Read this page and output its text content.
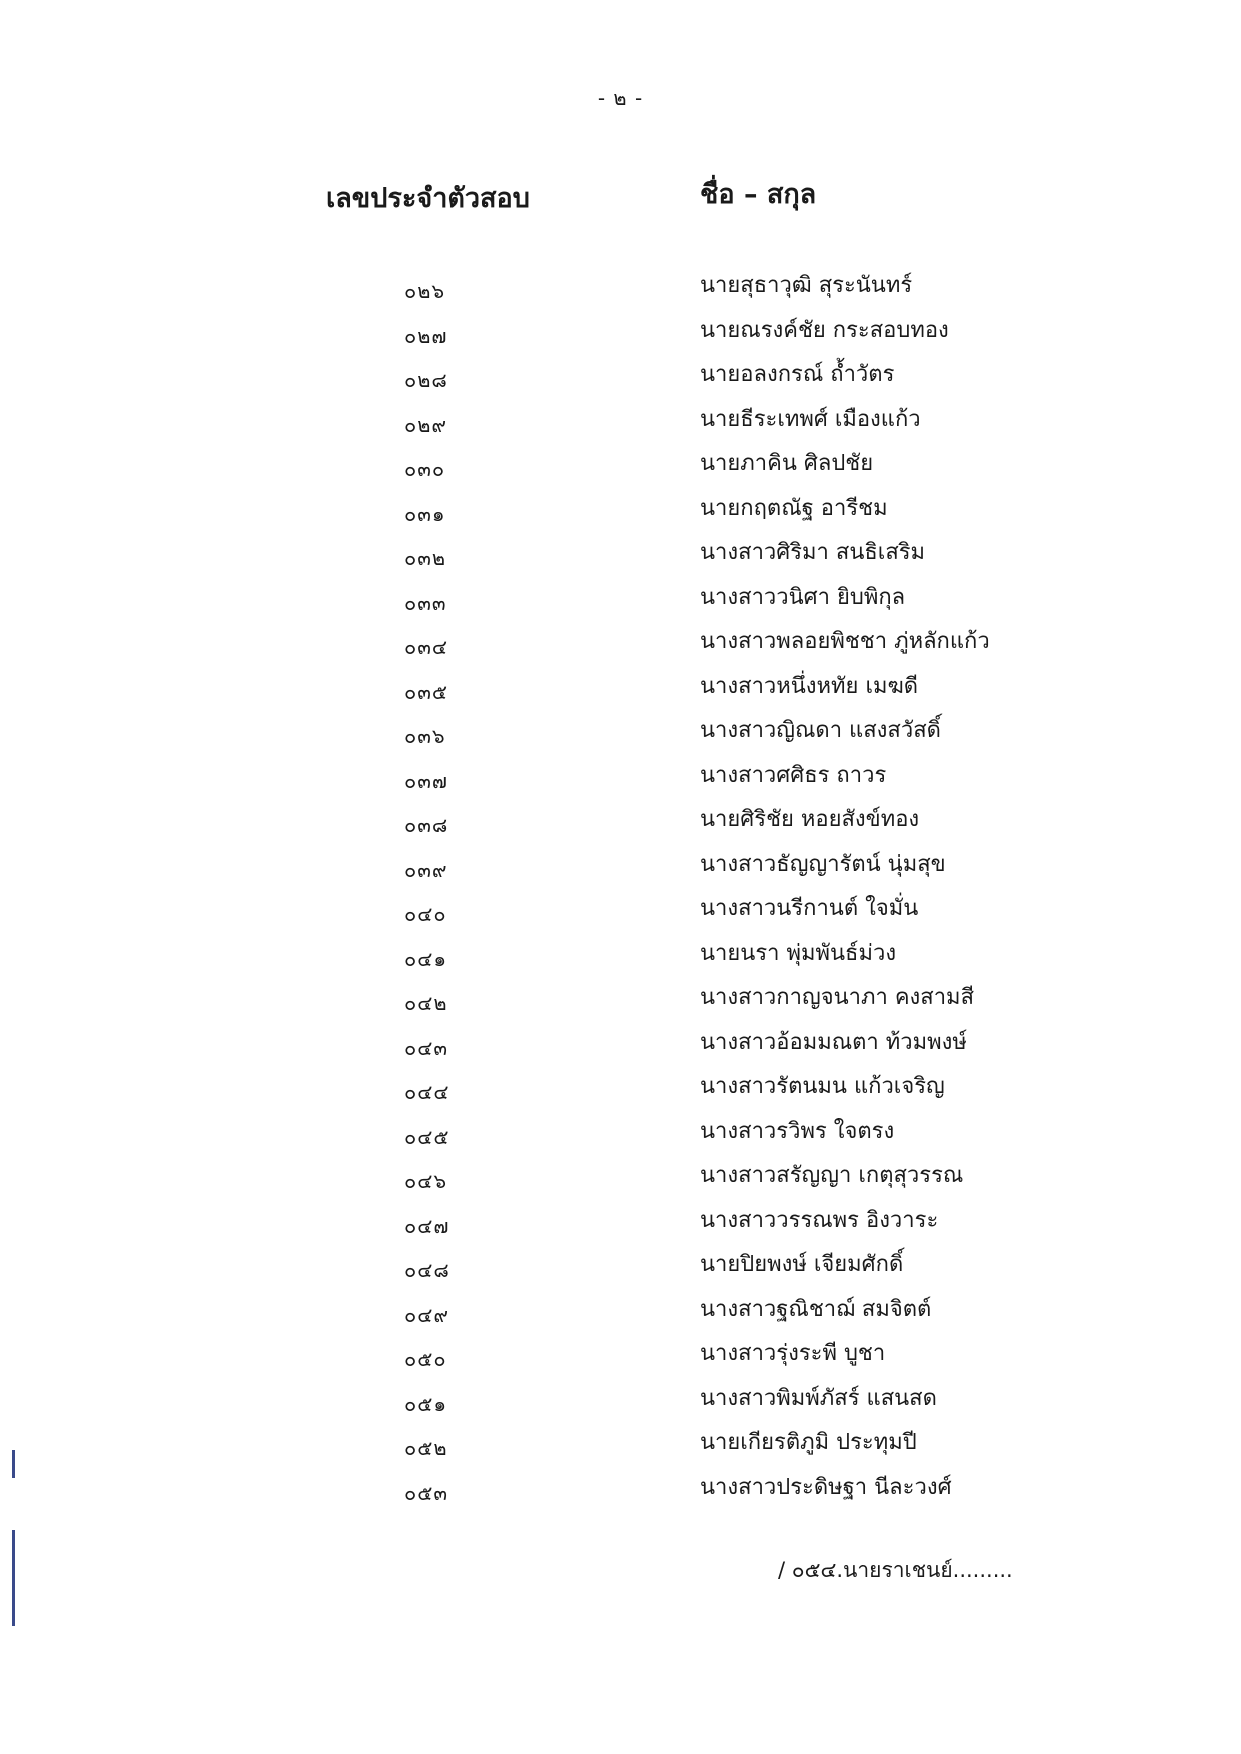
- ๒ -
เลขประจำตัวสอบ	ชื่อ – สกุล
๐๒๖	นายสุธาวุฒิ สุระนันทร์
๐๒๗	นายณรงค์ชัย กระสอบทอง
๐๒๘	นายอลงกรณ์ ถ้ำวัตร
๐๒๙	นายธีระเทพศ์ เมืองแก้ว
๐๓๐	นายภาคิน ศิลปชัย
๐๓๑	นายกฤตณัฐ อารีชม
๐๓๒	นางสาวศิริมา สนธิเสริม
๐๓๓	นางสาววนิศา ยิบพิกุล
๐๓๔	นางสาวพลอยพิชชา ภู่หลักแก้ว
๐๓๕	นางสาวหนึ่งหทัย เมฆดี
๐๓๖	นางสาวญิณดา แสงสวัสดิ์
๐๓๗	นางสาวศศิธร ถาวร
๐๓๘	นายศิริชัย หอยสังข์ทอง
๐๓๙	นางสาวธัญญารัตน์ นุ่มสุข
๐๔๐	นางสาวนรีกานต์ ใจมั่น
๐๔๑	นายนรา พุ่มพันธ์ม่วง
๐๔๒	นางสาวกาญจนาภา คงสามสี
๐๔๓	นางสาวอ้อมมณตา ท้วมพงษ์
๐๔๔	นางสาวรัตนมน แก้วเจริญ
๐๔๕	นางสาวรวิพร ใจตรง
๐๔๖	นางสาวสรัญญา เกตุสุวรรณ
๐๔๗	นางสาววรรณพร อิงวาระ
๐๔๘	นายปิยพงษ์ เจียมศักดิ์
๐๔๙	นางสาวฐณิชาฌ์ สมจิตต์
๐๕๐	นางสาวรุ่งระพี บูชา
๐๕๑	นางสาวพิมพ์ภัสร์ แสนสด
๐๕๒	นายเกียรติภูมิ ประทุมปี
๐๕๓	นางสาวประดิษฐา นีละวงศ์
/ ๐๕๔.นายราเชนย์.........
